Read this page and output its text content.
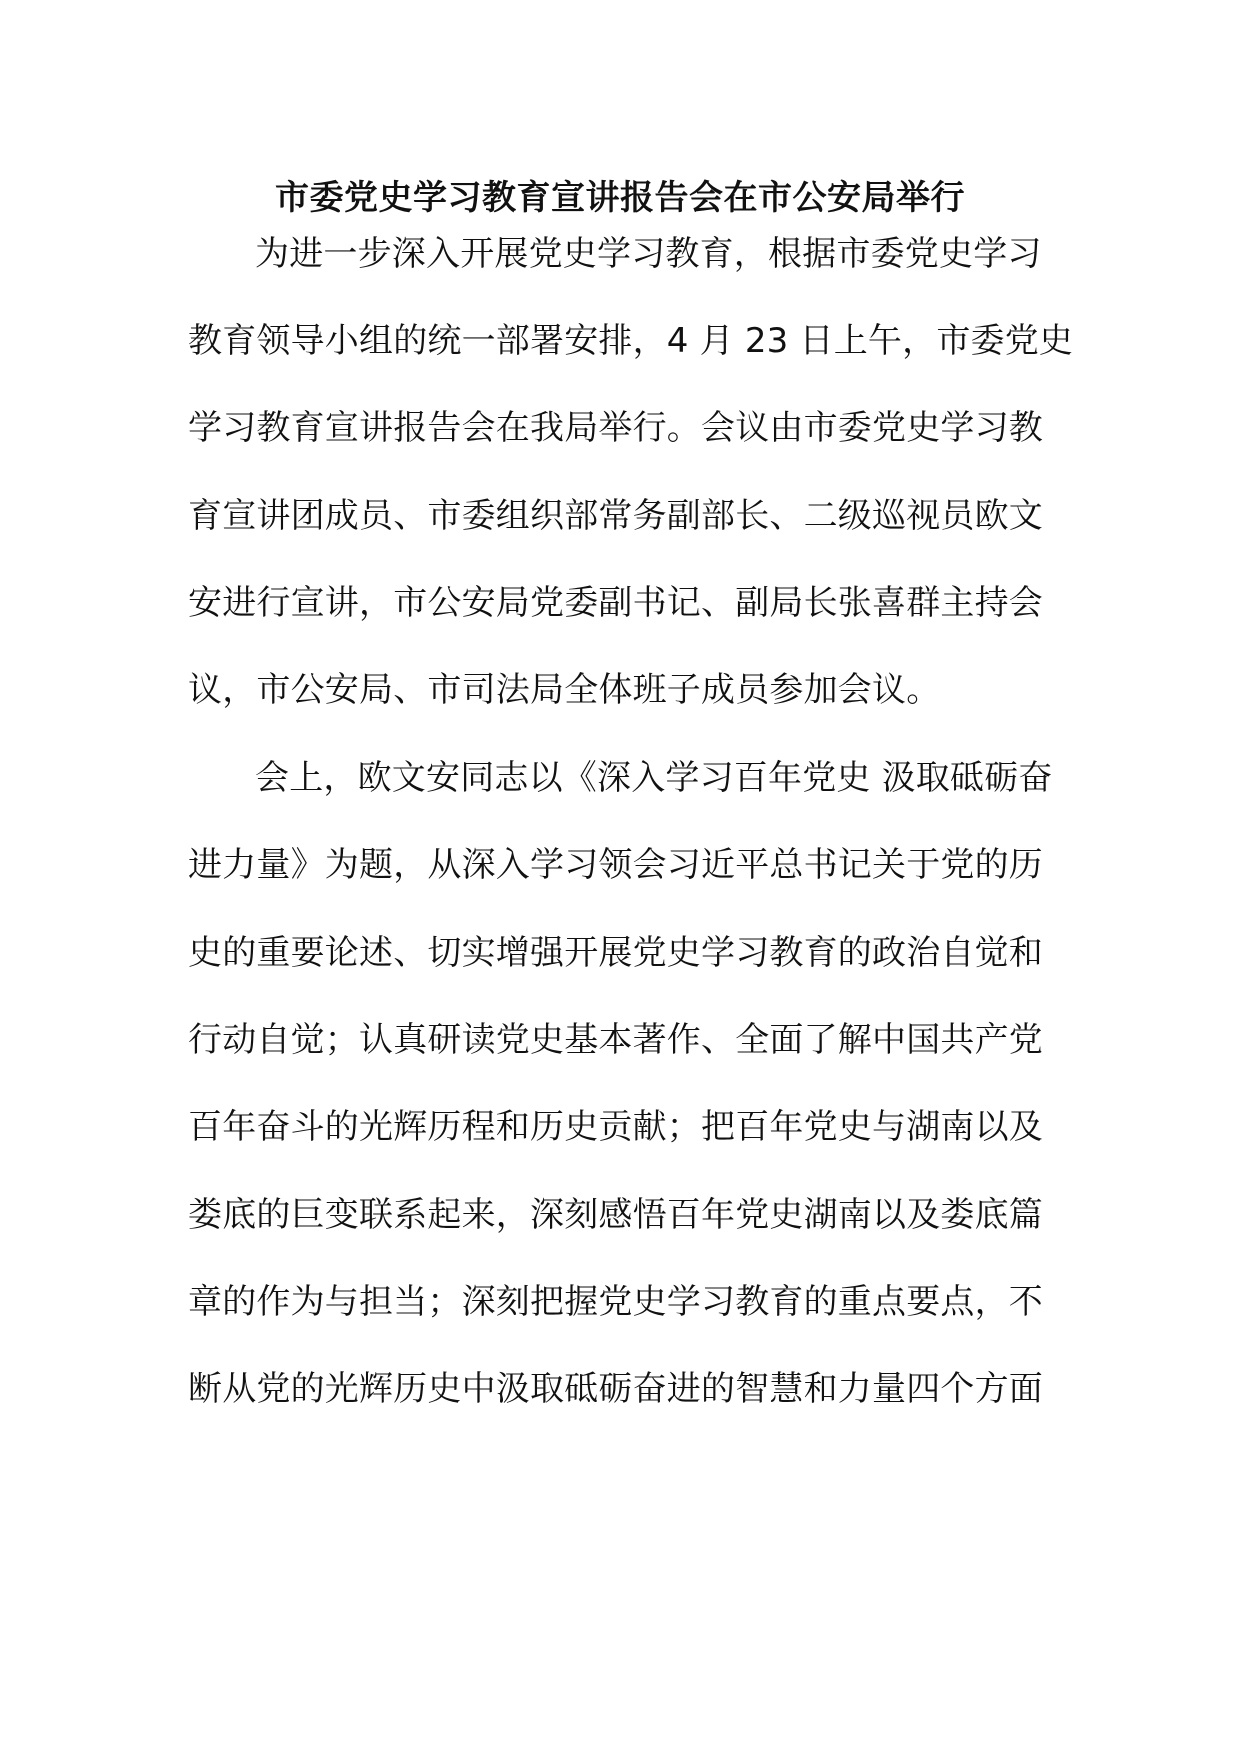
市委党史学习教育宣讲报告会在市公安局举行
为进一步深入开展党史学习教育，根据市委党史学习
教育领导小组的统一部署安排，4 月 23 日上午，市委党史
学习教育宣讲报告会在我局举行。会议由市委党史学习教
育宣讲团成员、市委组织部常务副部长、二级巡视员欧文
安进行宣讲，市公安局党委副书记、副局长张喜群主持会
议，市公安局、市司法局全体班子成员参加会议。
会上，欧文安同志以《深入学习百年党史 汲取砥砺奋
进力量》为题，从深入学习领会习近平总书记关于党的历
史的重要论述、切实增强开展党史学习教育的政治自觉和
行动自觉；认真研读党史基本著作、全面了解中国共产党
百年奋斗的光辉历程和历史贡献；把百年党史与湖南以及
娄底的巨变联系起来，深刻感悟百年党史湖南以及娄底篇
章的作为与担当；深刻把握党史学习教育的重点要点，不
断从党的光辉历史中汲取砥砺奋进的智慧和力量四个方面
